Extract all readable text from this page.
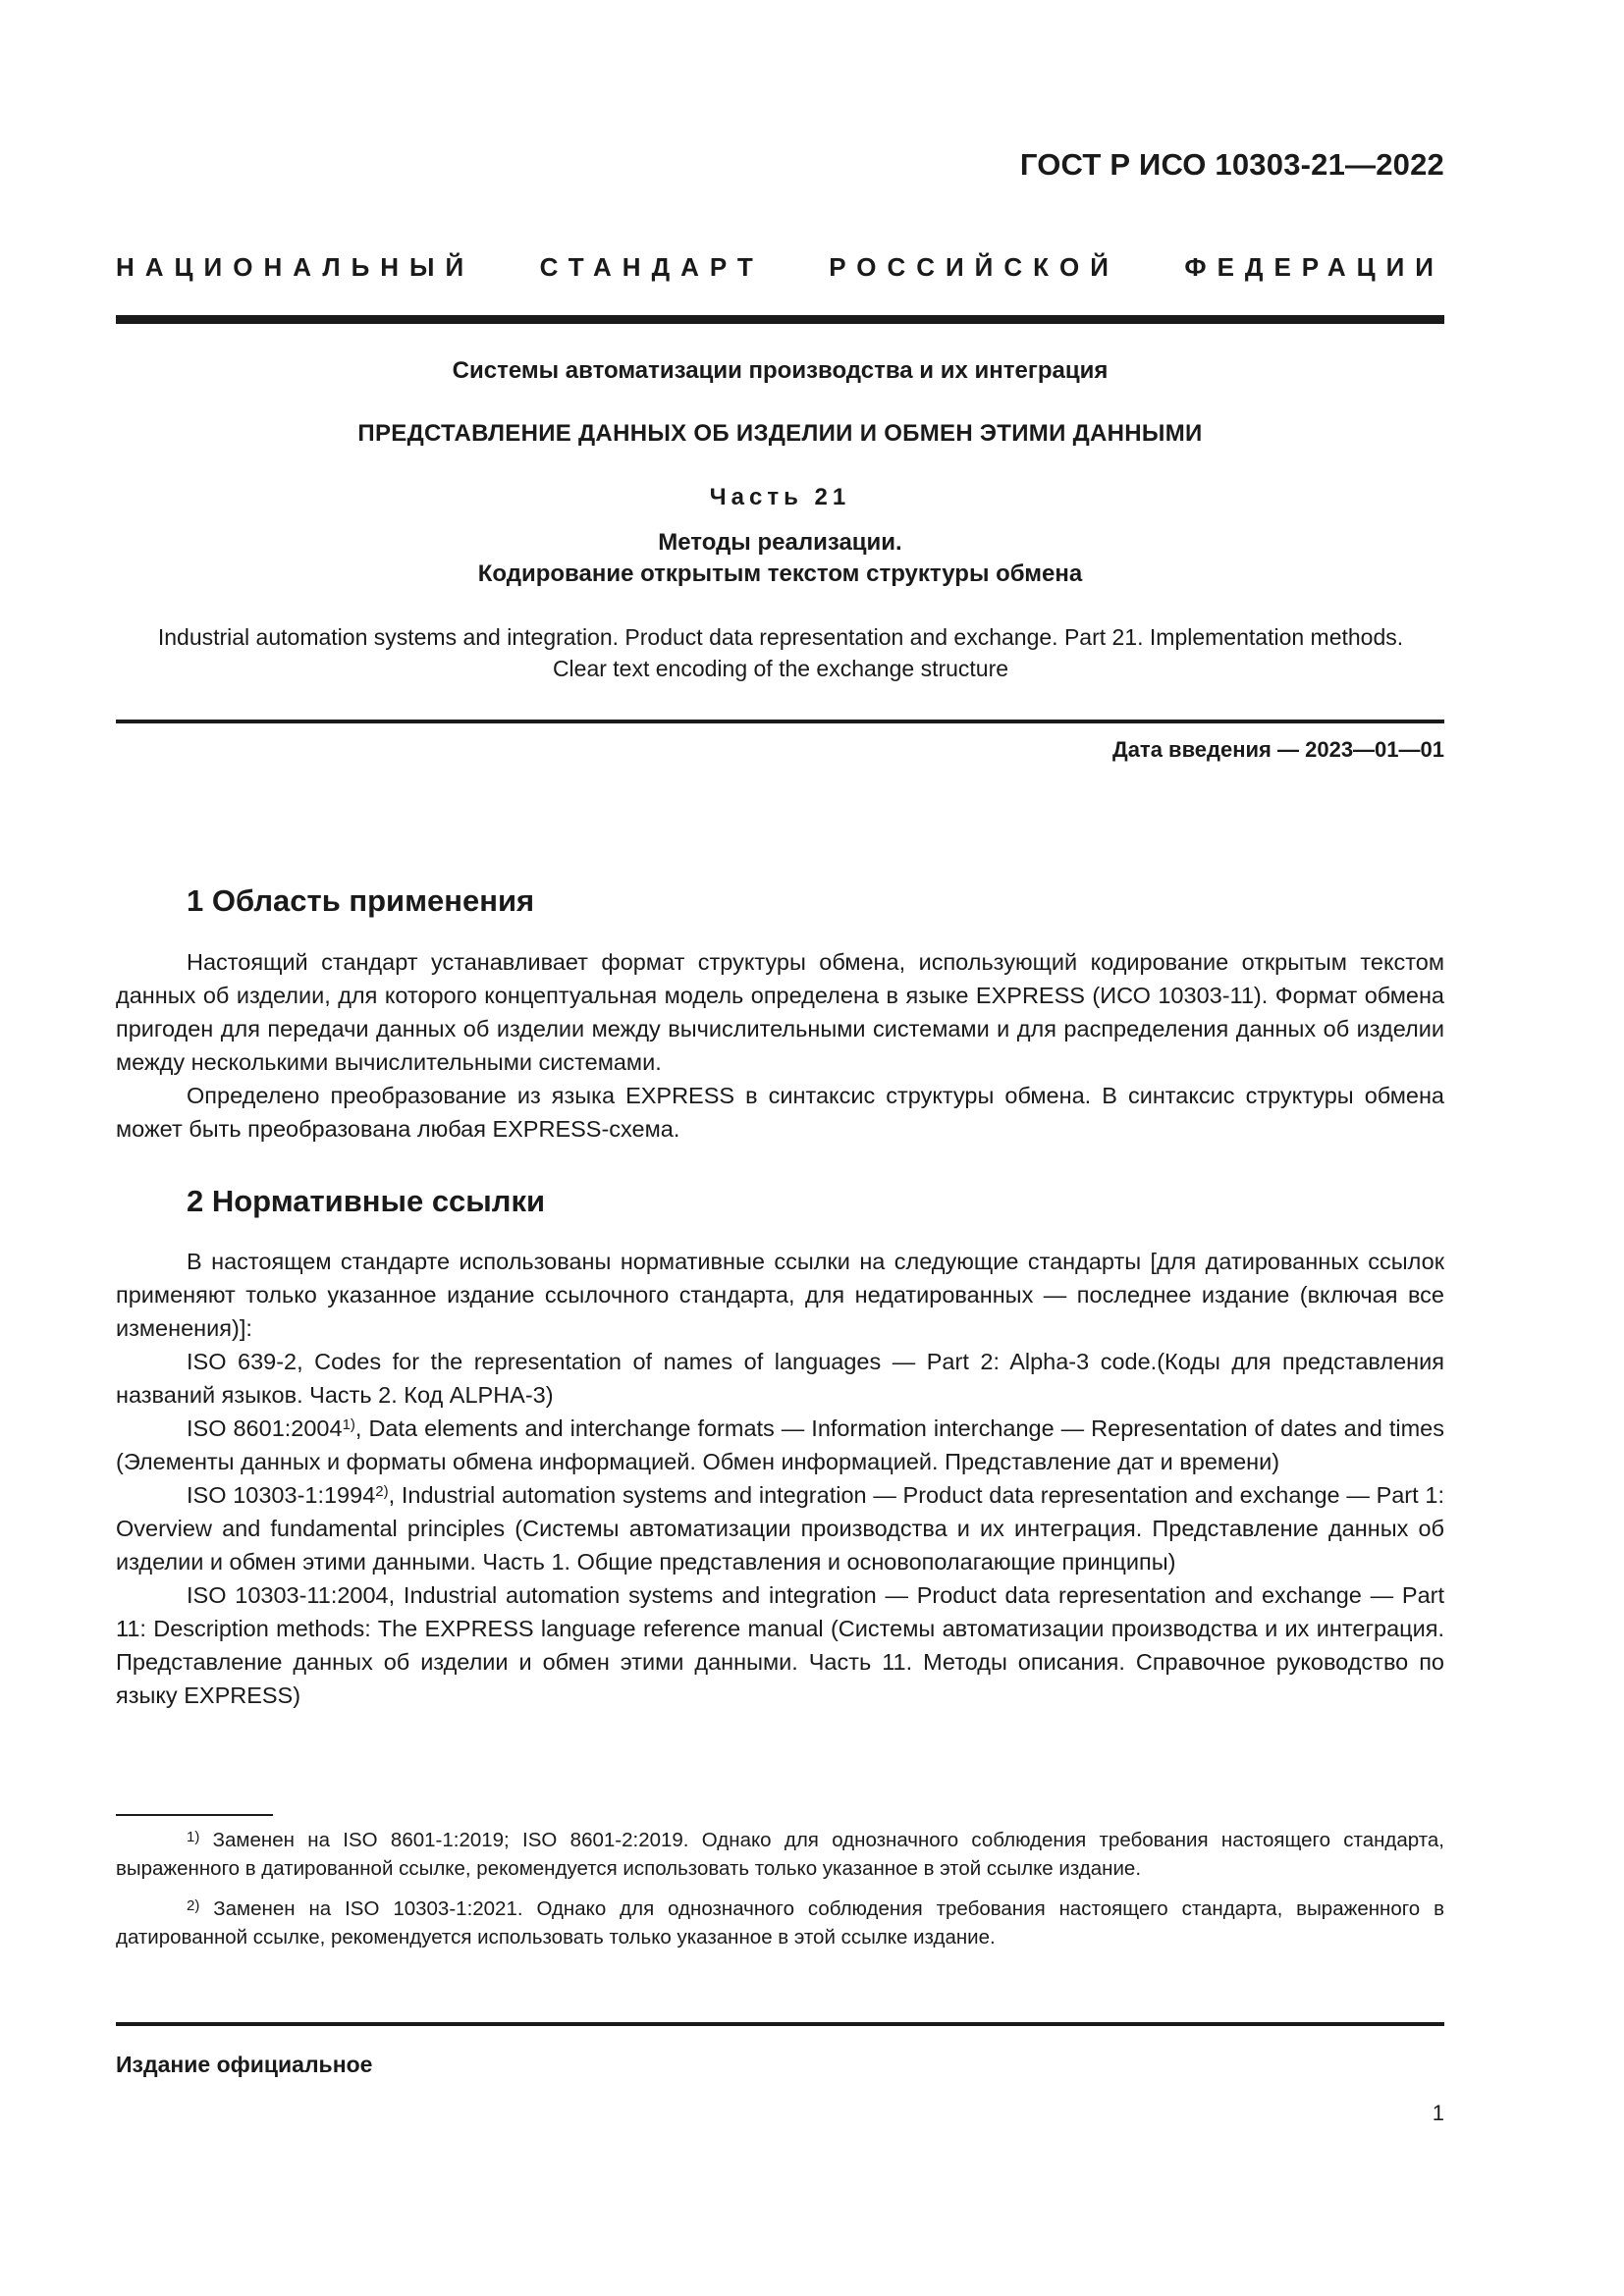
ГОСТ Р ИСО 10303-21—2022
НАЦИОНАЛЬНЫЙ СТАНДАРТ РОССИЙСКОЙ ФЕДЕРАЦИИ
Системы автоматизации производства и их интеграция
ПРЕДСТАВЛЕНИЕ ДАННЫХ ОБ ИЗДЕЛИИ И ОБМЕН ЭТИМИ ДАННЫМИ
Часть 21
Методы реализации.
Кодирование открытым текстом структуры обмена
Industrial automation systems and integration. Product data representation and exchange. Part 21. Implementation methods. Clear text encoding of the exchange structure
Дата введения — 2023—01—01
1 Область применения

Настоящий стандарт устанавливает формат структуры обмена, использующий кодирование открытым текстом данных об изделии, для которого концептуальная модель определена в языке EXPRESS (ИСО 10303-11). Формат обмена пригоден для передачи данных об изделии между вычислительными системами и для распределения данных об изделии между несколькими вычислительными системами.

Определено преобразование из языка EXPRESS в синтаксис структуры обмена. В синтаксис структуры обмена может быть преобразована любая EXPRESS-схема.

2 Нормативные ссылки

В настоящем стандарте использованы нормативные ссылки на следующие стандарты [для датированных ссылок применяют только указанное издание ссылочного стандарта, для недатированных — последнее издание (включая все изменения)]:

ISO 639-2, Codes for the representation of names of languages — Part 2: Alpha-3 code.(Коды для представления названий языков. Часть 2. Код ALPHA-3)

ISO 8601:2004$^{1)}$, Data elements and interchange formats — Information interchange — Representation of dates and times (Элементы данных и форматы обмена информацией. Обмен информацией. Представление дат и времени)

ISO 10303-1:1994$^{2)}$, Industrial automation systems and integration — Product data representation and exchange — Part 1: Overview and fundamental principles (Системы автоматизации производства и их интеграция. Представление данных об изделии и обмен этими данными. Часть 1. Общие представления и основополагающие принципы)

ISO 10303-11:2004, Industrial automation systems and integration — Product data representation and exchange — Part 11: Description methods: The EXPRESS language reference manual (Системы автоматизации производства и их интеграция. Представление данных об изделии и обмен этими данными. Часть 11. Методы описания. Справочное руководство по языку EXPRESS)

$^{1)}$ Заменен на ISO 8601-1:2019; ISO 8601-2:2019. Однако для однозначного соблюдения требования настоящего стандарта, выраженного в датированной ссылке, рекомендуется использовать только указанное в этой ссылке издание.

$^{2)}$ Заменен на ISO 10303-1:2021. Однако для однозначного соблюдения требования настоящего стандарта, выраженного в датированной ссылке, рекомендуется использовать только указанное в этой ссылке издание.

Издание официальное
1
